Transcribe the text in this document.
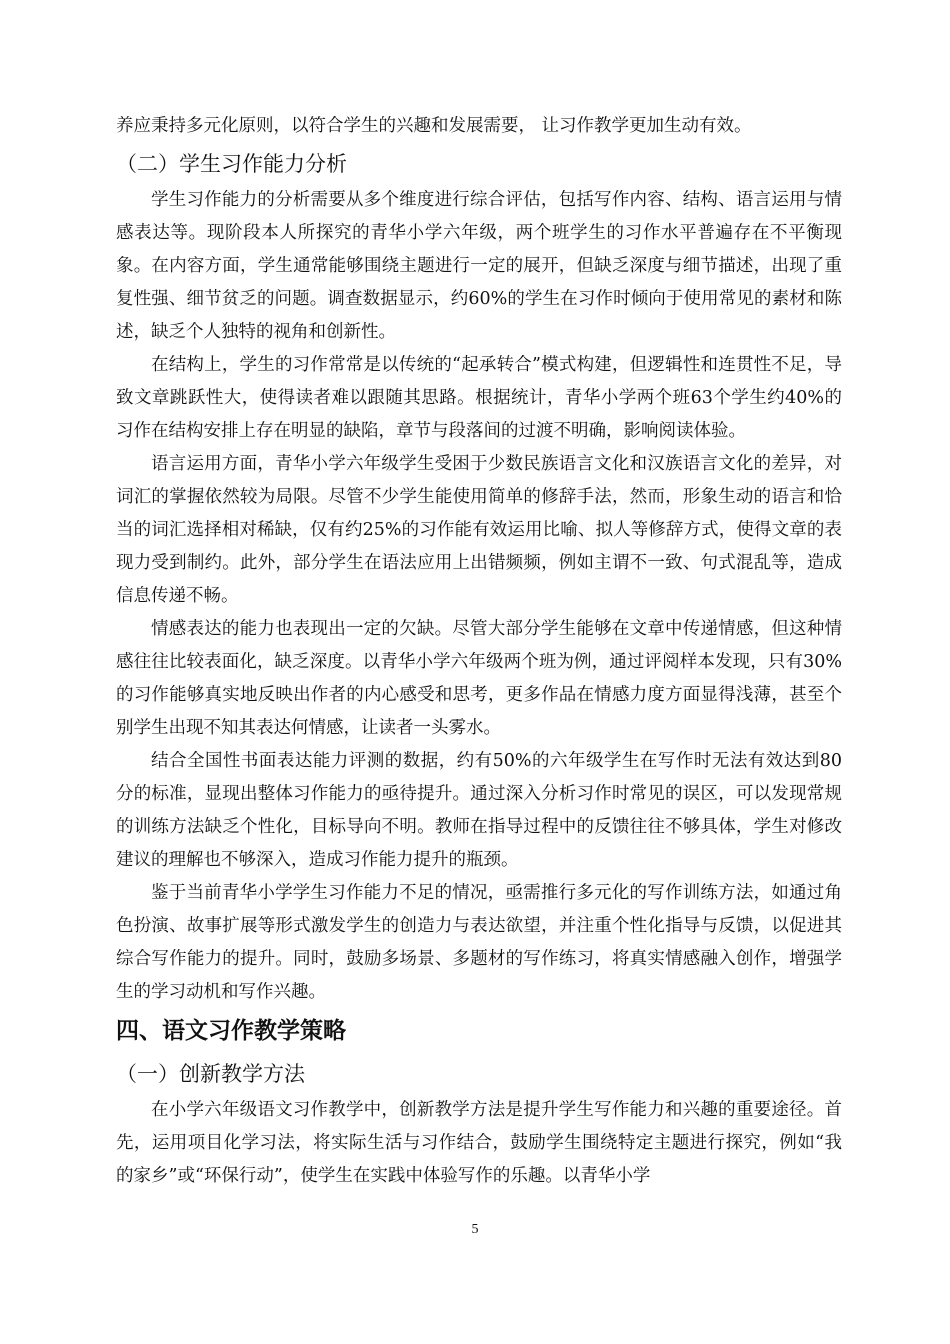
养应秉持多元化原则，以符合学生的兴趣和发展需要， 让习作教学更加生动有效。

（二）学生习作能力分析

学生习作能力的分析需要从多个维度进行综合评估，包括写作内容、结构、语言运用与情感表达等。现阶段本人所探究的青华小学六年级，两个班学生的习作水平普遍存在不平衡现象。在内容方面，学生通常能够围绕主题进行一定的展开，但缺乏深度与细节描述，出现了重复性强、细节贫乏的问题。调查数据显示，约60%的学生在习作时倾向于使用常见的素材和陈述，缺乏个人独特的视角和创新性。

在结构上，学生的习作常常是以传统的“起承转合”模式构建，但逻辑性和连贯性不足，导致文章跳跃性大，使得读者难以跟随其思路。根据统计，青华小学两个班63个学生约40%的习作在结构安排上存在明显的缺陷，章节与段落间的过渡不明确，影响阅读体验。

语言运用方面，青华小学六年级学生受困于少数民族语言文化和汉族语言文化的差异，对词汇的掌握依然较为局限。尽管不少学生能使用简单的修辞手法，然而，形象生动的语言和恰当的词汇选择相对稀缺，仅有约25%的习作能有效运用比喻、拟人等修辞方式，使得文章的表现力受到制约。此外，部分学生在语法应用上出错频频，例如主谓不一致、句式混乱等，造成信息传递不畅。

情感表达的能力也表现出一定的欠缺。尽管大部分学生能够在文章中传递情感，但这种情感往往比较表面化，缺乏深度。以青华小学六年级两个班为例，通过评阅样本发现，只有30%的习作能够真实地反映出作者的内心感受和思考，更多作品在情感力度方面显得浅薄，甚至个别学生出现不知其表达何情感，让读者一头雾水。

结合全国性书面表达能力评测的数据，约有50%的六年级学生在写作时无法有效达到80分的标准，显现出整体习作能力的亟待提升。通过深入分析习作时常见的误区，可以发现常规的训练方法缺乏个性化，目标导向不明。教师在指导过程中的反馈往往不够具体，学生对修改建议的理解也不够深入，造成习作能力提升的瓶颈。

鉴于当前青华小学学生习作能力不足的情况，亟需推行多元化的写作训练方法，如通过角色扮演、故事扩展等形式激发学生的创造力与表达欲望，并注重个性化指导与反馈，以促进其综合写作能力的提升。同时，鼓励多场景、多题材的写作练习，将真实情感融入创作，增强学生的学习动机和写作兴趣。

四、语文习作教学策略
（一）创新教学方法

在小学六年级语文习作教学中，创新教学方法是提升学生写作能力和兴趣的重要途径。首先，运用项目化学习法，将实际生活与习作结合，鼓励学生围绕特定主题进行探究，例如“我的家乡”或“环保行动”，使学生在实践中体验写作的乐趣。以青华小学

5
